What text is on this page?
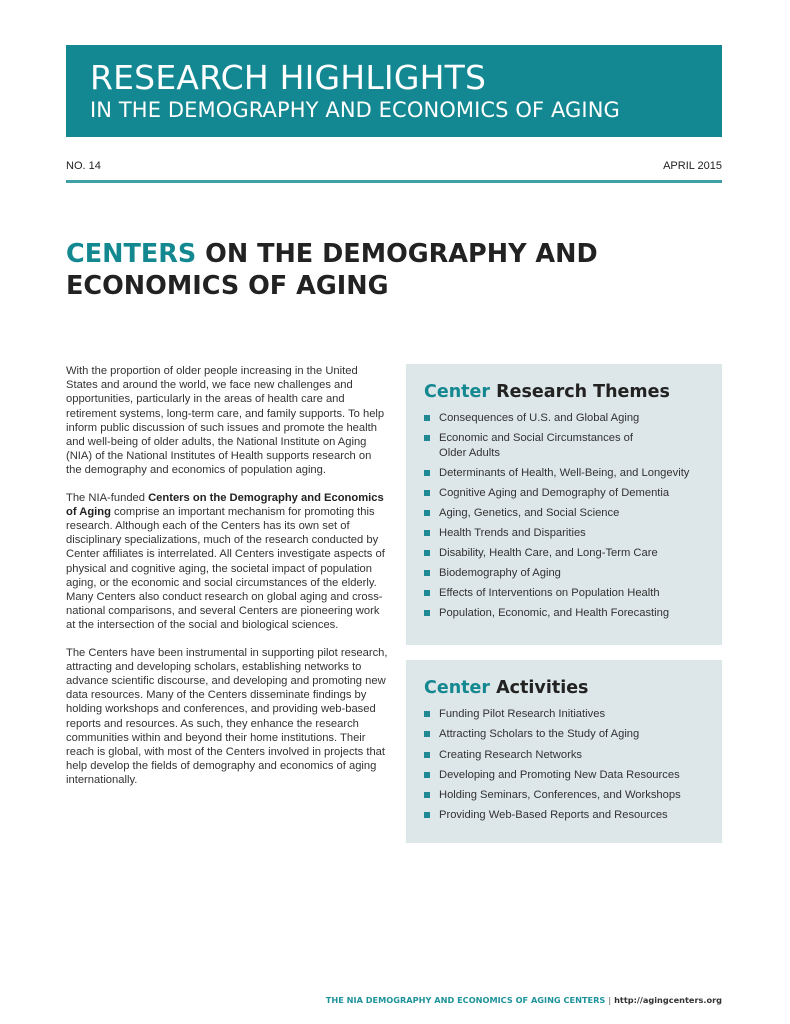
RESEARCH HIGHLIGHTS
IN THE DEMOGRAPHY AND ECONOMICS OF AGING
NO. 14	APRIL 2015
CENTERS ON THE DEMOGRAPHY AND
ECONOMICS OF AGING

With the proportion of older people increasing in the United States and around the world, we face new challenges and opportunities, particularly in the areas of health care and retirement systems, long-term care, and family supports. To help inform public discussion of such issues and promote the health and well-being of older adults, the National Institute on Aging (NIA) of the National Institutes of Health supports research on the demography and economics of population aging.

The NIA-funded Centers on the Demography and Economics of Aging comprise an important mechanism for promoting this research. Although each of the Centers has its own set of disciplinary specializations, much of the research conducted by Center affiliates is interrelated. All Centers investigate aspects of physical and cognitive aging, the societal impact of population aging, or the economic and social circumstances of the elderly. Many Centers also conduct research on global aging and cross-national comparisons, and several Centers are pioneering work at the intersection of the social and biological sciences.

The Centers have been instrumental in supporting pilot research, attracting and developing scholars, establishing networks to advance scientific discourse, and developing and promoting new data resources. Many of the Centers disseminate findings by holding workshops and conferences, and providing web-based reports and resources. As such, they enhance the research communities within and beyond their home institutions. Their reach is global, with most of the Centers involved in projects that help develop the fields of demography and economics of aging internationally.

Center Research Themes
Consequences of U.S. and Global Aging
Economic and Social Circumstances of Older Adults
Determinants of Health, Well-Being, and Longevity
Cognitive Aging and Demography of Dementia
Aging, Genetics, and Social Science
Health Trends and Disparities
Disability, Health Care, and Long-Term Care
Biodemography of Aging
Effects of Interventions on Population Health
Population, Economic, and Health Forecasting
Center Activities
Funding Pilot Research Initiatives
Attracting Scholars to the Study of Aging
Creating Research Networks
Developing and Promoting New Data Resources
Holding Seminars, Conferences, and Workshops
Providing Web-Based Reports and Resources
THE NIA DEMOGRAPHY AND ECONOMICS OF AGING CENTERS | http://agingcenters.org
